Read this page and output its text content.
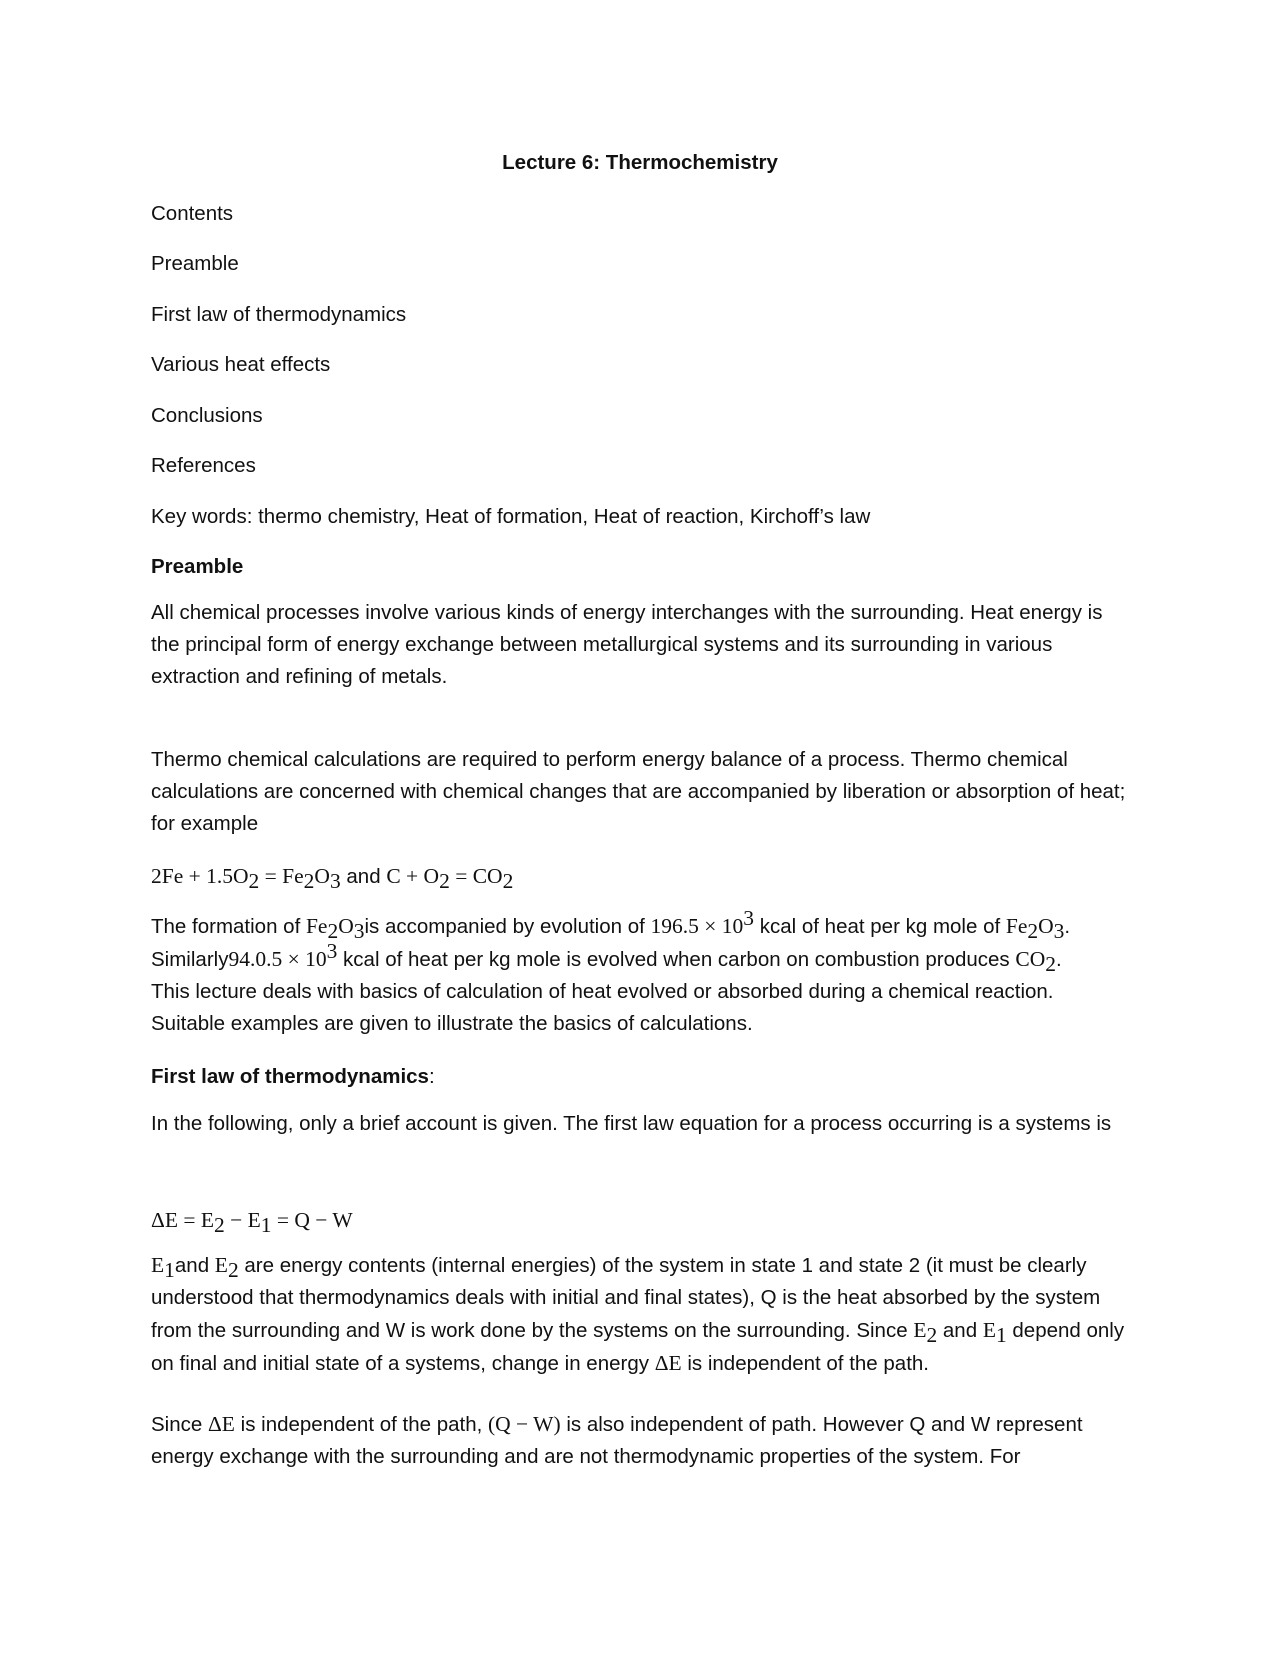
Lecture 6: Thermochemistry
Contents
Preamble
First law of thermodynamics
Various heat effects
Conclusions
References
Key words: thermo chemistry, Heat of formation, Heat of reaction, Kirchoff’s law
Preamble
All chemical processes involve various kinds of energy interchanges with the surrounding. Heat energy is the principal form of energy exchange between metallurgical systems and its surrounding in various extraction and refining of metals.
Thermo chemical calculations are required to perform energy balance of a process. Thermo chemical calculations are concerned with chemical changes that are accompanied by liberation or absorption of heat; for example
$2Fe + 1.5O_2 = Fe_2O_3$ and $C + O_2 = CO_2$
The formation of $Fe_2O_3is$ accompanied by evolution of $196.5 \times 10^3$ kcal of heat per kg mole of $Fe_2O_3$.
Similarly94.0.5 × $10^3$ kcal of heat per kg mole is evolved when carbon on combustion produces $CO_2$.
This lecture deals with basics of calculation of heat evolved or absorbed during a chemical reaction. Suitable examples are given to illustrate the basics of calculations.
First law of thermodynamics:
In the following, only a brief account is given. The first law equation for a process occurring is a systems is
$\Delta E = E_2 - E_1 = Q - W$
$E_1and$ $E_2$ are energy contents (internal energies) of the system in state 1 and state 2 (it must be clearly understood that thermodynamics deals with initial and final states), Q is the heat absorbed by the system from the surrounding and W is work done by the systems on the surrounding. Since $E_2$ and $E_1$ depend only on final and initial state of a systems, change in energy ΔE is independent of the path.
Since ΔE is independent of the path, (Q − W) is also independent of path. However Q and W represent energy exchange with the surrounding and are not thermodynamic properties of the system. For
